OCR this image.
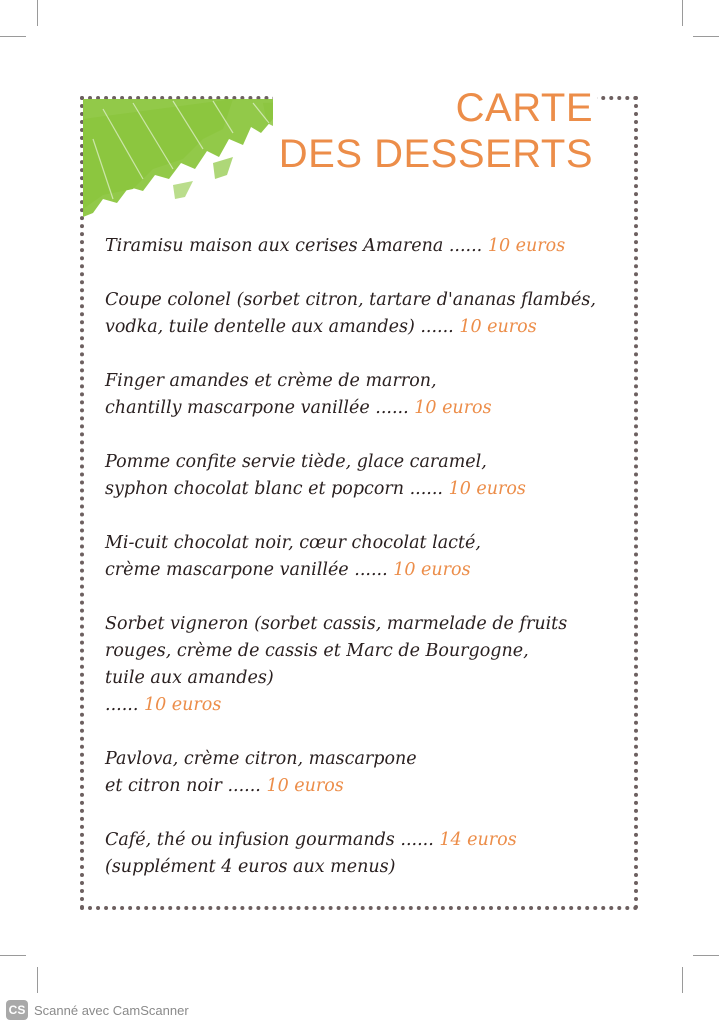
CARTE
DES DESSERTS
Tiramisu maison aux cerises Amarena ...... 10 euros
Coupe colonel (sorbet citron, tartare d'ananas flambés,
vodka, tuile dentelle aux amandes) ...... 10 euros
Finger amandes et crème de marron,
chantilly mascarpone vanillée ...... 10 euros
Pomme confite servie tiède, glace caramel,
syphon chocolat blanc et popcorn ...... 10 euros
Mi-cuit chocolat noir, cœur chocolat lacté,
crème mascarpone vanillée ...... 10 euros
Sorbet vigneron (sorbet cassis, marmelade de fruits
rouges, crème de cassis et Marc de Bourgogne,
tuile aux amandes)
...... 10 euros
Pavlova, crème citron, mascarpone
et citron noir ...... 10 euros
Café, thé ou infusion gourmands ...... 14 euros
(supplément 4 euros aux menus)
CS Scanné avec CamScanner
